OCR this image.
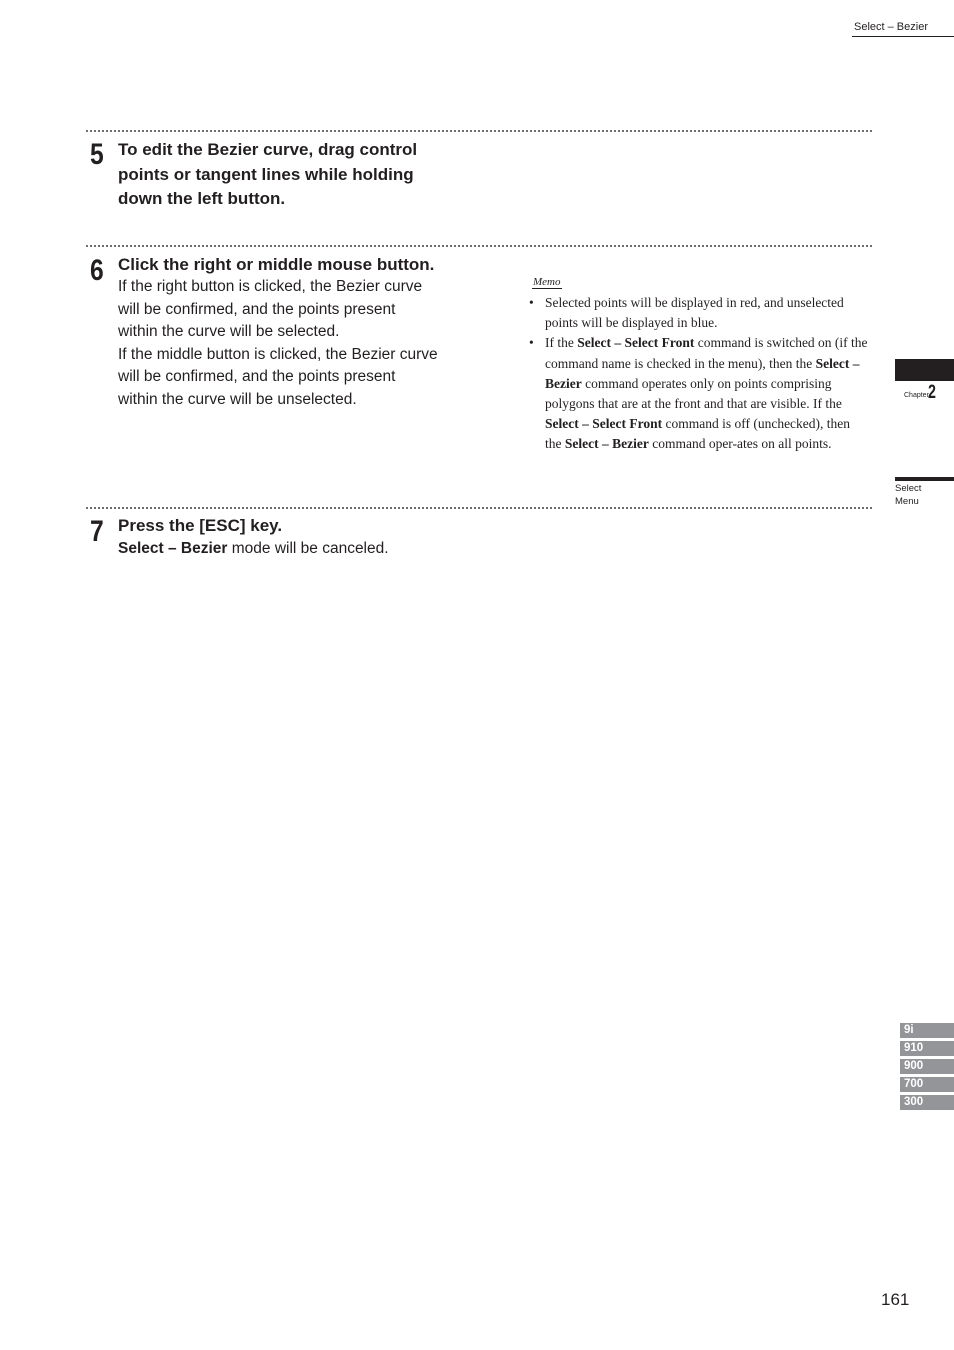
Select – Bezier
5 To edit the Bezier curve, drag control
points or tangent lines while holding
down the left button.
6 Click the right or middle mouse button.

If the right button is clicked, the Bezier curve

will be confirmed, and the points present

within the curve will be selected.

If the middle button is clicked, the Bezier curve

will be confirmed, and the points present

within the curve will be unselected.

Memo
• Selected points will be displayed in red, and unselected points will be displayed in blue.
• If the Select – Select Front command is switched on (if the command name is checked in the menu), then the Select – Bezier command operates only on points comprising polygons that are at the front and that are visible. If the Select – Select Front command is off (unchecked), then the Select – Bezier command oper-ates on all points.
7 Press the [ESC] key.
Select – Bezier mode will be canceled.
Chapter 2
Select
Menu
9i
910
900
700
300
161
